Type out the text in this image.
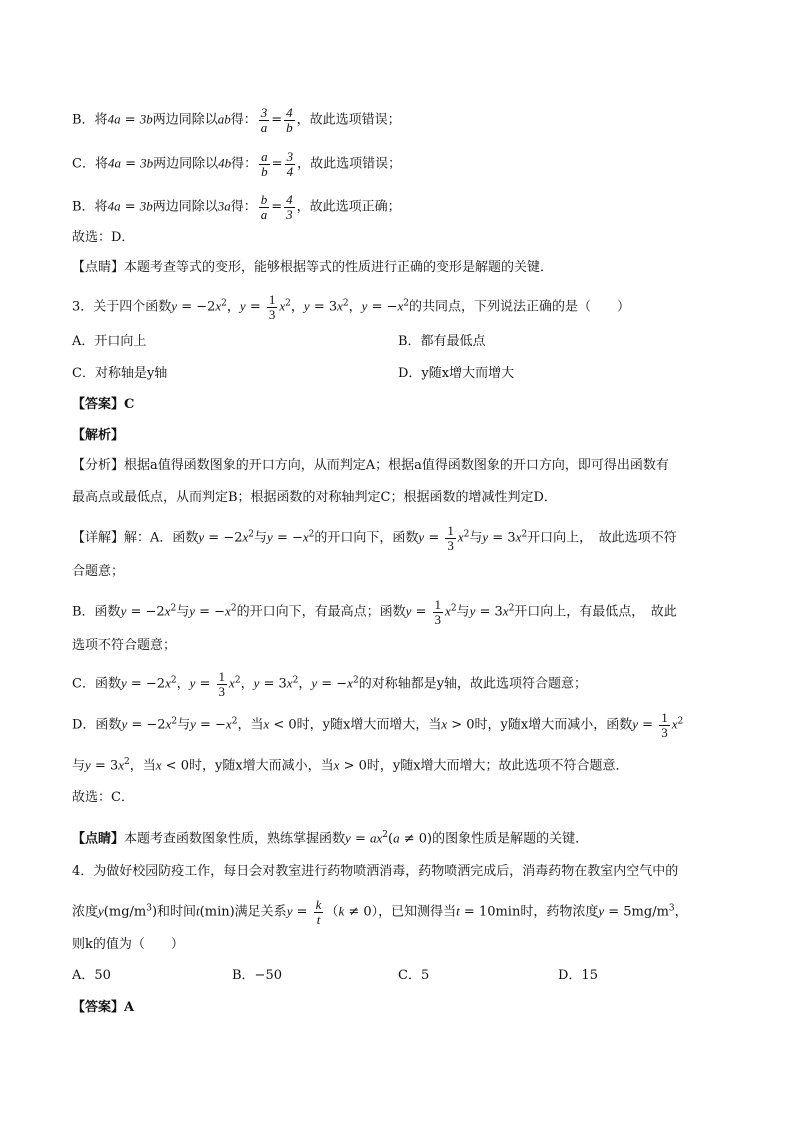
B．将4a = 3b两边同除以ab得： $\frac{3}{a} = \frac{4}{b}$ ，故此选项错误；
C．将4a = 3b两边同除以4b得： $\frac{a}{b} = \frac{3}{4}$ ，故此选项错误；
B．将4a = 3b两边同除以3a得： $\frac{b}{a} = \frac{4}{3}$ ，故此选项正确；
故选：D．
【点睛】本题考查等式的变形，能够根据等式的性质进行正确的变形是解题的关键．
3．关于四个函数$y = -2x^2$，$y = \frac{1}{3} x^2$，$y = 3x^2$，$y = -x^2$的共同点，下列说法正确的是（　　）
A．开口向上	B．都有最低点
C．对称轴是y轴	D．y随x增大而增大
【答案】C
【解析】
【分析】根据a值得函数图象的开口方向，从而判定A；根据a值得函数图象的开口方向，即可得出函数有
最高点或最低点，从而判定B；根据函数的对称轴判定C；根据函数的增减性判定D．
【详解】解：A．函数$y = -2x^2$与$y = -x^2$的开口向下，函数$y = \frac{1}{3} x^2$与$y = 3x^2$开口向上，　故此选项不符
合题意；
B．函数$y = -2x^2$与$y = -x^2$的开口向下，有最高点；函数$y = \frac{1}{3} x^2$与$y = 3x^2$开口向上，有最低点，　故此
选项不符合题意；
C．函数$y = -2x^2$，$y = \frac{1}{3} x^2$，$y = 3x^2$，$y = -x^2$的对称轴都是y轴，故此选项符合题意；
D．函数$y = -2x^2$与$y = -x^2$，当x < 0时，y随x增大而增大，当x > 0时，y随x增大而减小，函数$y = \frac{1}{3} x^2$
与$y = 3x^2$，当x < 0时，y随x增大而减小，当x > 0时，y随x增大而增大；故此选项不符合题意．
故选：C．
【点睛】本题考查函数图象性质，熟练掌握函数$y = ax^2(a \ne 0)$的图象性质是解题的关键．
4．为做好校园防疫工作，每日会对教室进行药物喷洒消毒，药物喷洒完成后，消毒药物在教室内空气中的
浓度$y(mg/m^3)$和时间t(min)满足关系$y = \frac{k}{t} (k \ne 0)$，已知测得当t = 10min时，药物浓度$y = 5mg/m^3$，
则k的值为（　　）
A．50	B．−50	C．5	D．15
【答案】A
